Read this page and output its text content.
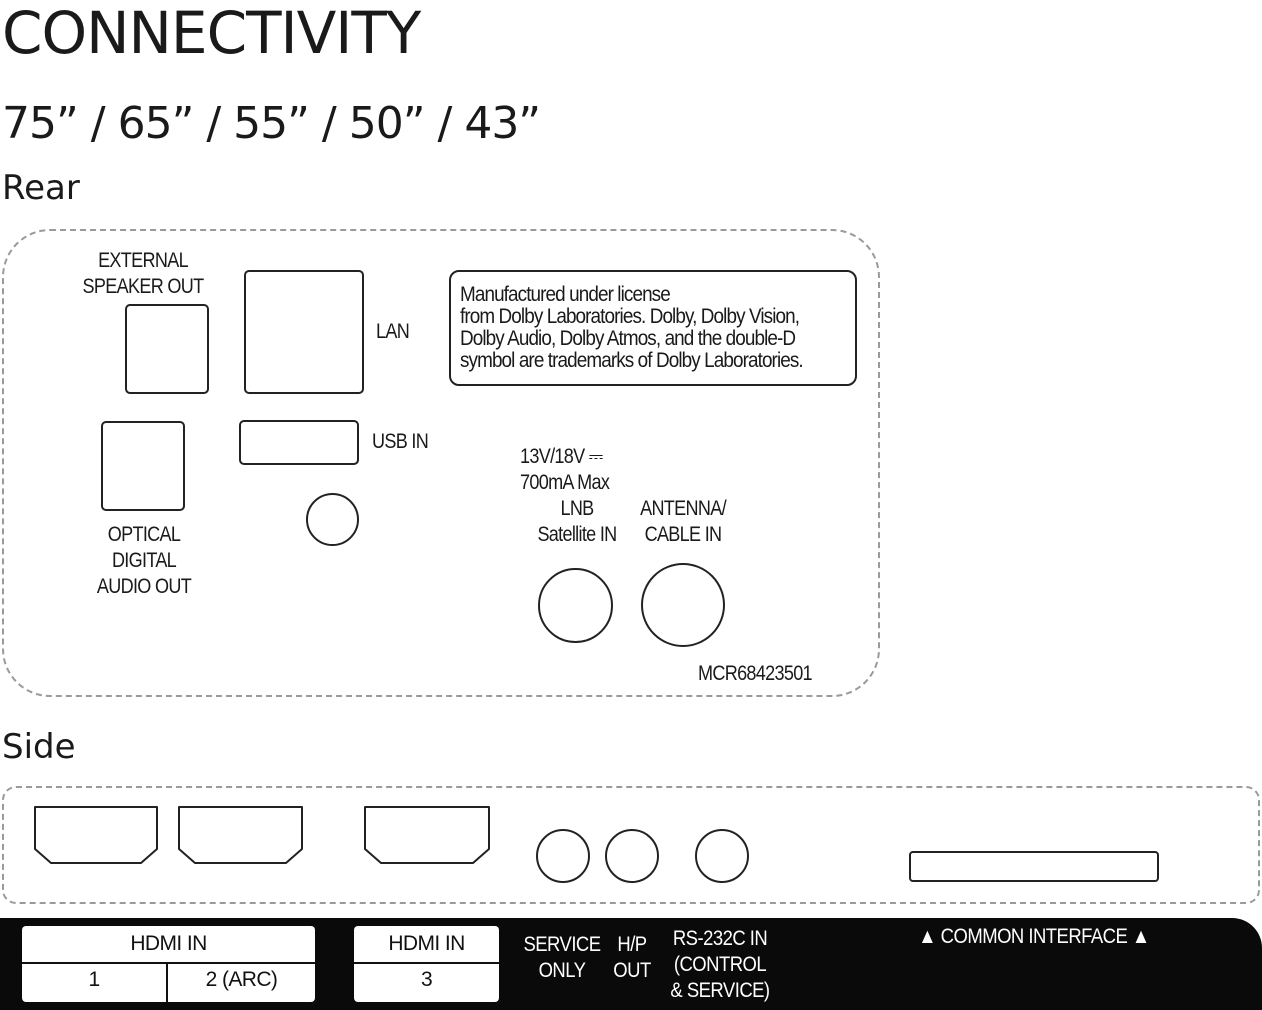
CONNECTIVITY
75” / 65” / 55” / 50” / 43”
Rear
EXTERNAL
SPEAKER OUT
LAN
Manufactured under license
from Dolby Laboratories. Dolby, Dolby Vision,
Dolby Audio, Dolby Atmos, and the double-D
symbol are trademarks of Dolby Laboratories.
OPTICAL
DIGITAL
AUDIO OUT
USB IN
13V/18V ⎓
700mA Max
LNB
Satellite IN
ANTENNA/
CABLE IN
MCR68423501
Side
HDMI IN
1	2 (ARC)
HDMI IN
3
SERVICE
ONLY
H/P
OUT
RS-232C IN
(CONTROL
& SERVICE)
▲ COMMON INTERFACE ▲
